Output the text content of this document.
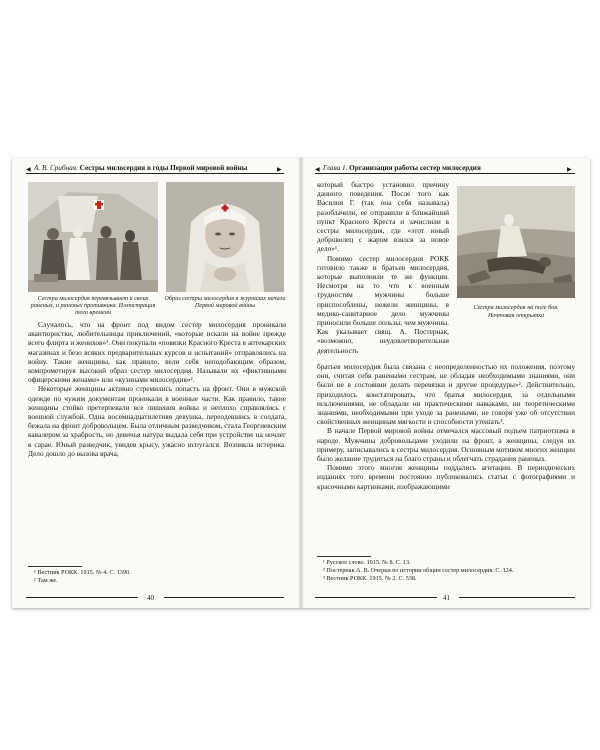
◀ А. В. Срибная. Сестры милосердия в годы Первой мировой войны	▶
Сестра милосердия перевязывает и своих раненых, и раненых противника. Иллюстрация того времени
Образ сестры милосердия в журналах начала Первой мировой войны

Случалось, что на фронт под видом сестер милосердия проникали авантюристки, любительницы приключений, «которые искали на войне прежде всего флирта и женихов»¹. Они покупали «повязки Красного Креста в аптекарских магазинах и безо всяких предварительных курсов и испытаний» отправлялись на войну. Такие женщины, как правило, вели себя неподобающим образом, компрометируя высокий образ сестер милосердия. Называли их «фиктивными офицерскими женами» или «кузинами милосердия»².

Некоторые женщины активно стремились попасть на фронт. Они в мужской одежде по чужим документам проникали в военные части. Как правило, такие женщины стойко претерпевали все лишения войны и неплохо справлялись с военной службой. Одна восемнадцатилетняя девушка, переодевшись в солдата, бежала на фронт добровольцем. Была отличным разведчиком, стала Георгиевским кавалером за храбрость, но девичья натура выдала себя при устройстве на ночлег в сарае. Юный разведчик, увидев крысу, ужасно испугался. Возникла истерика. Дело дошло до вызова врача,

¹ Вестник РОКК. 1915. № 4. С. 1390.
² Там же.
40
◀ Глава 1. Организация работы сестер милосердия	▶

который быстро установил причину данного поведения. После того как Василия Г. (так она себя называла) разоблачили, ее отправили в ближайший пункт Красного Креста и зачислили в сестры милосердия, где «этот юный доброволец с жаром взялся за новое дело»¹.

Помимо сестер милосердия РОКК готовило также и братьев милосердия, которые выполняли те же функции. Несмотря на то что к военным трудностям мужчины больше приспособлены, нежели женщины, в медико-санитарное дело мужчины приносили больше пользы, чем мужчины. Как указывает свящ. А. Постернак, «возможно, неудовлетворительная деятельность

Сестра милосердия на поле боя.
Почтовая открытка

братьев милосердия была связана с неопределенностью их положения, поэтому они, считая себя ранеными сестрам, не обладая необходимыми знаниями, они были не в состоянии делать перевязки и другие процедуры»². Действительно, приходилось констатировать, что братья милосердия, за отдельными исключениями, не обладали ни практическими навыками, ни теоретическими знаниями, необходимыми при уходе за ранеными, не говоря уже об отсутствии свойственных женщинам мягкости и способности утешать³.

В начале Первой мировой войны отмечался массовый подъем патриотизма в народе. Мужчины добровольцами уходили на фронт, а женщины, следуя их примеру, записывались в сестры милосердия. Основным мотивом многих женщин было желание трудиться на благо страны и облегчать страдания раненых.

Помимо этого многие женщины поддались агитации. В периодических изданиях того времени постоянно публиковались статьи с фотографиями и красочными картинками, изображающими

¹ Русское слово. 1915. № 8. С. 13.
² Постернак А. В. Очерки по истории общин сестер милосердия. С. 124.
³ Вестник РОКК. 1915. № 2. С. 538.
41
